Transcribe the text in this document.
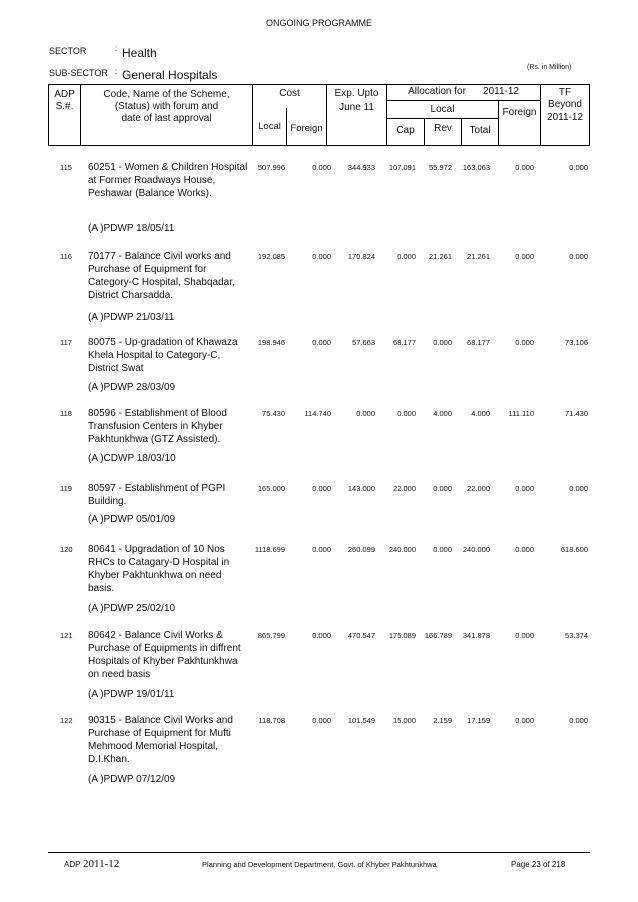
ONGOING PROGRAMME
SECTOR	: Health
SUB-SECTOR : General Hospitals
(Rs. in Million)
ADP
S.#.
Code, Name of the Scheme,
(Status) with forum and
date of last approval
Cost
Local	Foreign
Exp. Upto
June 11
Allocation for	2011-12
Local	Foreign
Cap	Rev	Total
TF
Beyond
2011-12
115 60251 - Women & Children Hospital at Former Roadways House, Peshawar (Balance Works).
(A )PDWP 18/05/11
507.996	0.000	344.933	107.091	55.972	163.063	0.000	0.000
116 70177 - Balance Civil works and Purchase of Equipment for Category-C Hospital, Shabqadar, District Charsadda.
(A )PDWP 21/03/11
192.085	0.000	170.824	0.000	21.261	21.261	0.000	0.000
117 80075 - Up-gradation of Khawaza Khela Hospital to Category-C, District Swat
(A )PDWP 28/03/09
198.946	0.000	57.663	68.177	0.000	68.177	0.000	73.106
118 80596 - Establishment of Blood Transfusion Centers in Khyber Pakhtunkhwa (GTZ Assisted).
(A )CDWP 18/03/10
75.430	114.740	0.000	0.000	4.000	4.000	111.110	71.430
119 80597 - Establishment of PGPI Building.
(A )PDWP 05/01/09
165.000	0.000	143.000	22.000	0.000	22.000	0.000	0.000
120 80641 - Upgradation of 10 Nos RHCs to Catagary-D Hospital in Khyber Pakhtunkhwa on need basis.
(A )PDWP 25/02/10
1118.699	0.000	260.099	240.000	0.000	240.000	0.000	618.600
121 80642 - Balance Civil Works & Purchase of Equipments in diffrent Hospitals of Khyber Pakhtunkhwa on need basis
(A )PDWP 19/01/11
865.799	0.000	470.547	175.089	166.789	341.878	0.000	53.374
122 90315 - Balance Civil Works and Purchase of Equipment for Mufti Mehmood Memorial Hospital, D.I.Khan.
(A )PDWP 07/12/09
118.708	0.000	101.549	15.000	2.159	17.159	0.000	0.000
ADP 2011-12	Planning and Development Department, Govt. of Khyber Pakhtunkhwa	Page 23 of 218
